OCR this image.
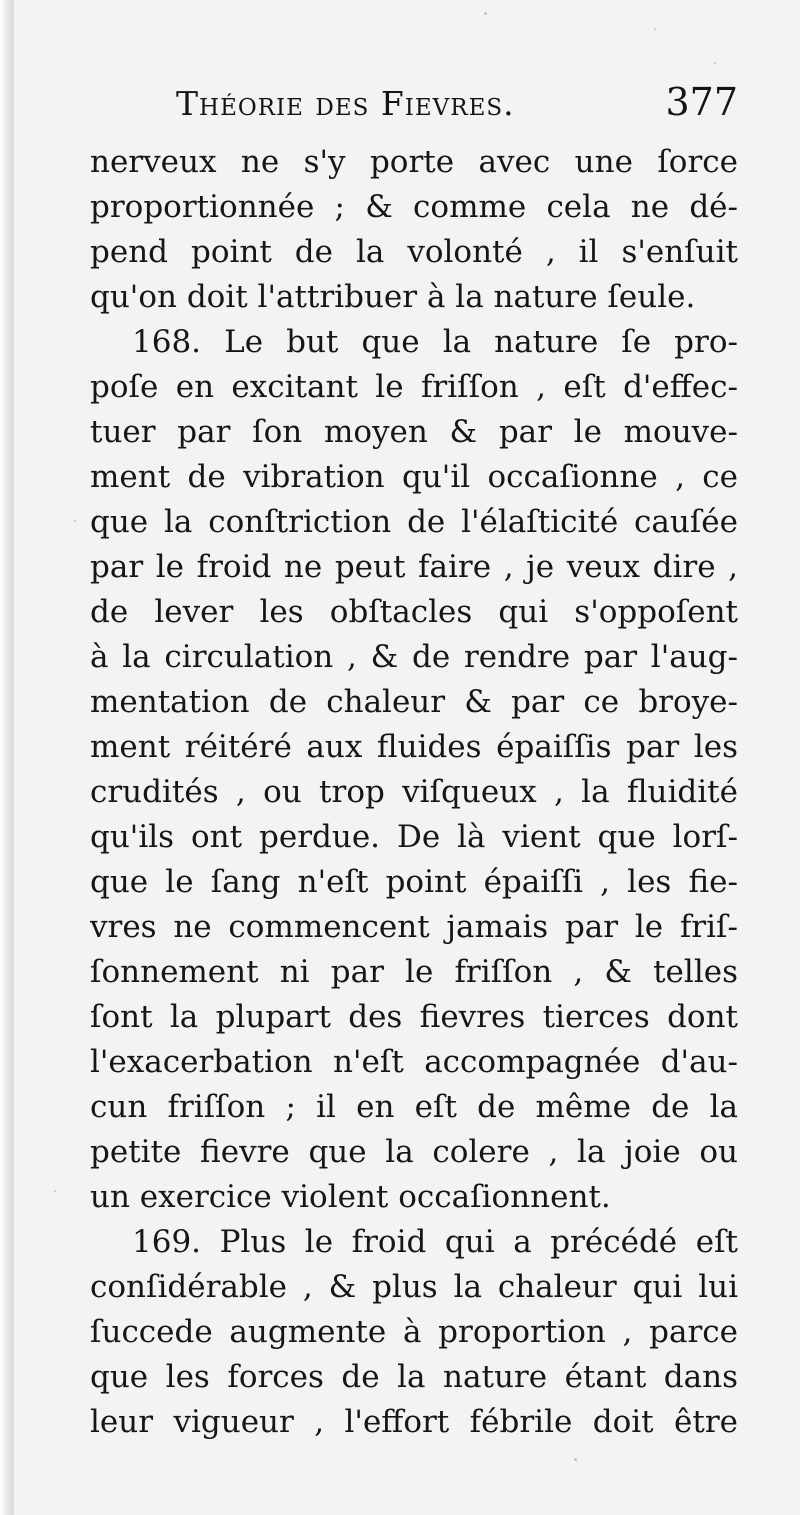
Théorie des Fievres.	377
nerveux ne s'y porte avec une ſorce
proportionnée ; & comme cela ne dé-
pend point de la volonté , il s'enſuit
qu'on doit l'attribuer à la nature ſeule.
168. Le but que la nature ſe pro-
poſe en excitant le friſſon , eſt d'effec-
tuer par ſon moyen & par le mouve-
ment de vibration qu'il occaſionne , ce
que la conſtriction de l'élaſticité cauſée
par le froid ne peut faire , je veux dire ,
de lever les obſtacles qui s'oppoſent
à la circulation , & de rendre par l'aug-
mentation de chaleur & par ce broye-
ment réitéré aux fluides épaiſſis par les
crudités , ou trop viſqueux , la fluidité
qu'ils ont perdue. De là vient que lorſ-
que le ſang n'eſt point épaiſſi , les fie-
vres ne commencent jamais par le friſ-
ſonnement ni par le friſſon , & telles
ſont la plupart des fievres tierces dont
l'exacerbation n'eſt accompagnée d'au-
cun friſſon ; il en eſt de même de la
petite fievre que la colere , la joie ou
un exercice violent occaſionnent.
169. Plus le froid qui a précédé eſt
conſidérable , & plus la chaleur qui lui
ſuccede augmente à proportion , parce
que les forces de la nature étant dans
leur vigueur , l'effort fébrile doit être
